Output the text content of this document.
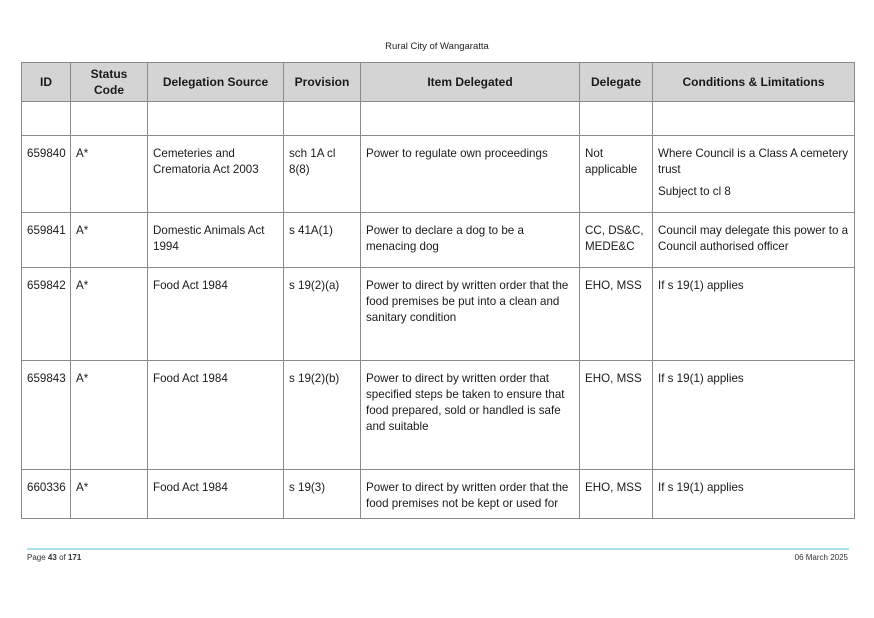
Rural City of Wangaratta
ID	Status Code	Delegation Source	Provision	Item Delegated	Delegate	Conditions & Limitations

659840	A*	Cemeteries and Crematoria Act 2003	sch 1A cl 8(8)	Power to regulate own proceedings	Not applicable	Where Council is a Class A cemetery trust

Subject to cl 8

659841	A*	Domestic Animals Act 1994	s 41A(1)	Power to declare a dog to be a menacing dog	CC, DS&C, MEDE&C	Council may delegate this power to a Council authorised officer

659842	A*	Food Act 1984	s 19(2)(a)	Power to direct by written order that the food premises be put into a clean and sanitary condition	EHO, MSS	If s 19(1) applies

659843	A*	Food Act 1984	s 19(2)(b)	Power to direct by written order that specified steps be taken to ensure that food prepared, sold or handled is safe and suitable	EHO, MSS	If s 19(1) applies

660336	A*	Food Act 1984	s 19(3)	Power to direct by written order that the food premises not be kept or used for	EHO, MSS	If s 19(1) applies

Page 43 of 171	06 March 2025
